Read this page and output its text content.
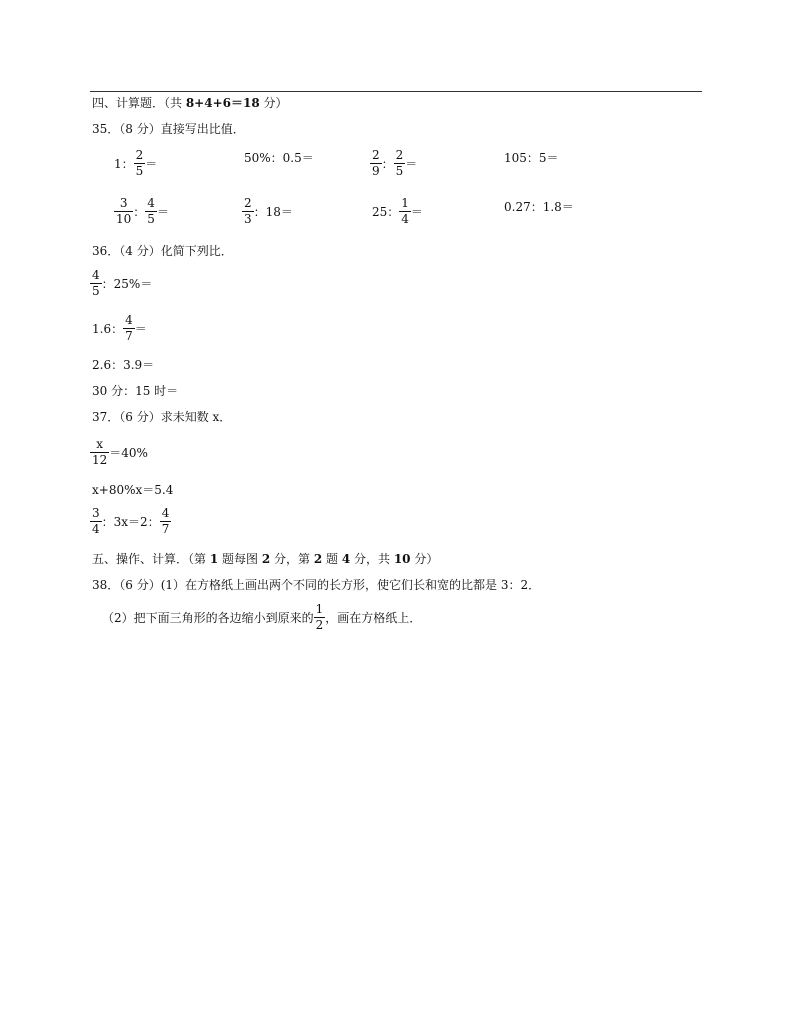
四、计算题．（共 8+4+6＝18 分）
35．（8 分）直接写出比值．
1： $\frac{2}{5}$ ＝	50%：0.5＝	$\frac{2}{9}$ ： $\frac{2}{5}$ ＝	105：5＝
$\frac{3}{10}$ ： $\frac{4}{5}$ ＝	$\frac{2}{3}$ ：18＝	25： $\frac{1}{4}$ ＝	0.27：1.8＝
36．（4 分）化简下列比．
$\frac{4}{5}$ ：25%＝
1.6： $\frac{4}{7}$ ＝
2.6：3.9＝
30 分：15 时＝
37．（6 分）求未知数 x．
$\frac{x}{12} =40\%$
x+80%x＝5.4
$\frac{3}{4}$ ：3x＝2： $\frac{4}{7}$
五、操作、计算．（第 1 题每图 2 分，第 2 题 4 分，共 10 分）
38．（6 分）(1）在方格纸上画出两个不同的长方形，使它们长和宽的比都是 3：2．
（2）把下面三角形的各边缩小到原来的 $\frac{1}{2}$ ，画在方格纸上．
